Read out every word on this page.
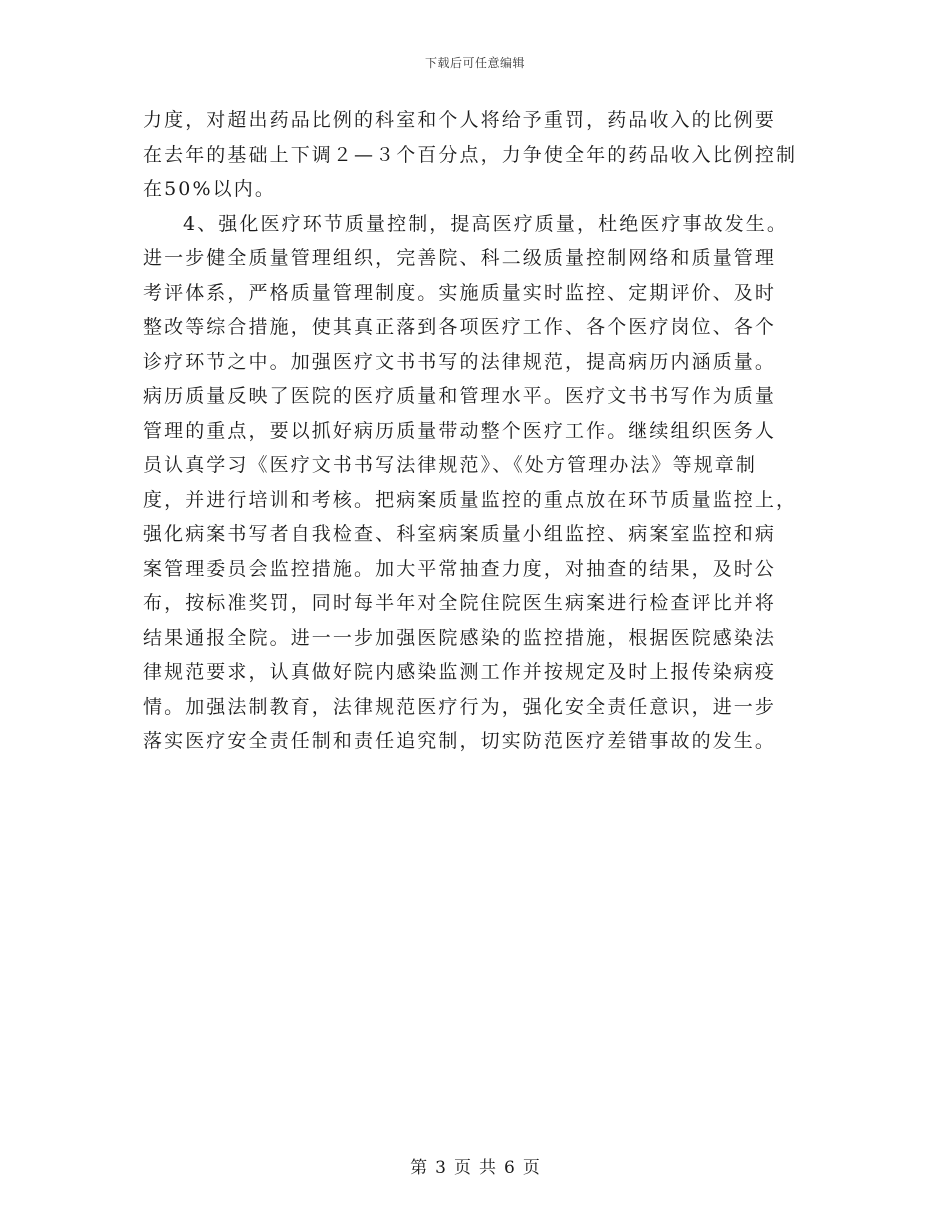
下载后可任意编辑
力度，对超出药品比例的科室和个人将给予重罚，药品收入的比例要
在去年的基础上下调２—３个百分点，力争使全年的药品收入比例控制
在50%以内。
4、强化医疗环节质量控制，提高医疗质量，杜绝医疗事故发生。
进一步健全质量管理组织，完善院、科二级质量控制网络和质量管理
考评体系，严格质量管理制度。实施质量实时监控、定期评价、及时
整改等综合措施，使其真正落到各项医疗工作、各个医疗岗位、各个
诊疗环节之中。加强医疗文书书写的法律规范，提高病历内涵质量。
病历质量反映了医院的医疗质量和管理水平。医疗文书书写作为质量
管理的重点，要以抓好病历质量带动整个医疗工作。继续组织医务人
员认真学习《医疗文书书写法律规范》、《处方管理办法》等规章制
度，并进行培训和考核。把病案质量监控的重点放在环节质量监控上，
强化病案书写者自我检查、科室病案质量小组监控、病案室监控和病
案管理委员会监控措施。加大平常抽查力度，对抽查的结果，及时公
布，按标准奖罚，同时每半年对全院住院医生病案进行检查评比并将
结果通报全院。进一一步加强医院感染的监控措施，根据医院感染法
律规范要求，认真做好院内感染监测工作并按规定及时上报传染病疫
情。加强法制教育，法律规范医疗行为，强化安全责任意识，进一步
落实医疗安全责任制和责任追究制，切实防范医疗差错事故的发生。
第 3 页 共 6 页
